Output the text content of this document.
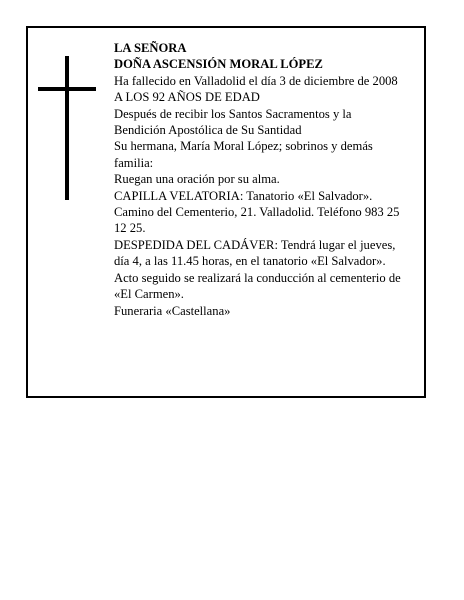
LA SEÑORA

DOÑA ASCENSIÓN MORAL LÓPEZ

Ha fallecido en Valladolid el día 3 de diciembre de 2008

A LOS 92 AÑOS DE EDAD

Después de recibir los Santos Sacramentos y la Bendición Apostólica de Su Santidad

Su hermana, María Moral López; sobrinos y demás familia:

Ruegan una oración por su alma.

CAPILLA VELATORIA: Tanatorio «El Salvador». Camino del Cementerio, 21. Valladolid. Teléfono 983 25 12 25.

DESPEDIDA DEL CADÁVER: Tendrá lugar el jueves, día 4, a las 11.45 horas, en el tanatorio «El Salvador». Acto seguido se realizará la conducción al cementerio de «El Carmen».

Funeraria «Castellana»
